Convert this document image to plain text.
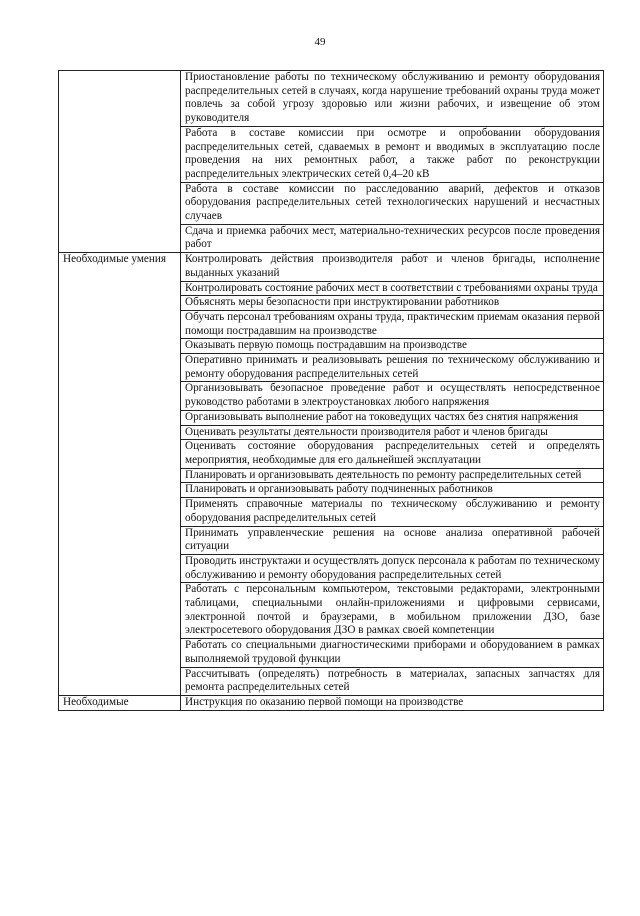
49
	Приостановление работы по техническому обслуживанию и ремонту оборудования распределительных сетей в случаях, когда нарушение требований охраны труда может повлечь за собой угрозу здоровью или жизни рабочих, и извещение об этом руководителя
	Работа в составе комиссии при осмотре и опробовании оборудования распределительных сетей, сдаваемых в ремонт и вводимых в эксплуатацию после проведения на них ремонтных работ, а также работ по реконструкции распределительных электрических сетей 0,4–20 кВ
	Работа в составе комиссии по расследованию аварий, дефектов и отказов оборудования распределительных сетей технологических нарушений и несчастных случаев
	Сдача и приемка рабочих мест, материально-технических ресурсов после проведения работ
Необходимые умения	Контролировать действия производителя работ и членов бригады, исполнение выданных указаний
	Контролировать состояние рабочих мест в соответствии с требованиями охраны труда
	Объяснять меры безопасности при инструктировании работников
	Обучать персонал требованиям охраны труда, практическим приемам оказания первой помощи пострадавшим на производстве
	Оказывать первую помощь пострадавшим на производстве
	Оперативно принимать и реализовывать решения по техническому обслуживанию и ремонту оборудования распределительных сетей
	Организовывать безопасное проведение работ и осуществлять непосредственное руководство работами в электроустановках любого напряжения
	Организовывать выполнение работ на токоведущих частях без снятия напряжения
	Оценивать результаты деятельности производителя работ и членов бригады
	Оценивать состояние оборудования распределительных сетей и определять мероприятия, необходимые для его дальнейшей эксплуатации
	Планировать и организовывать деятельность по ремонту распределительных сетей
	Планировать и организовывать работу подчиненных работников
	Применять справочные материалы по техническому обслуживанию и ремонту оборудования распределительных сетей
	Принимать управленческие решения на основе анализа оперативной рабочей ситуации
	Проводить инструктажи и осуществлять допуск персонала к работам по техническому обслуживанию и ремонту оборудования распределительных сетей
	Работать с персональным компьютером, текстовыми редакторами, электронными таблицами, специальными онлайн-приложениями и цифровыми сервисами, электронной почтой и браузерами, в мобильном приложении ДЗО, базе электросетевого оборудования ДЗО в рамках своей компетенции
	Работать со специальными диагностическими приборами и оборудованием в рамках выполняемой трудовой функции
	Рассчитывать (определять) потребность в материалах, запасных запчастях для ремонта распределительных сетей
Необходимые	Инструкция по оказанию первой помощи на производстве
